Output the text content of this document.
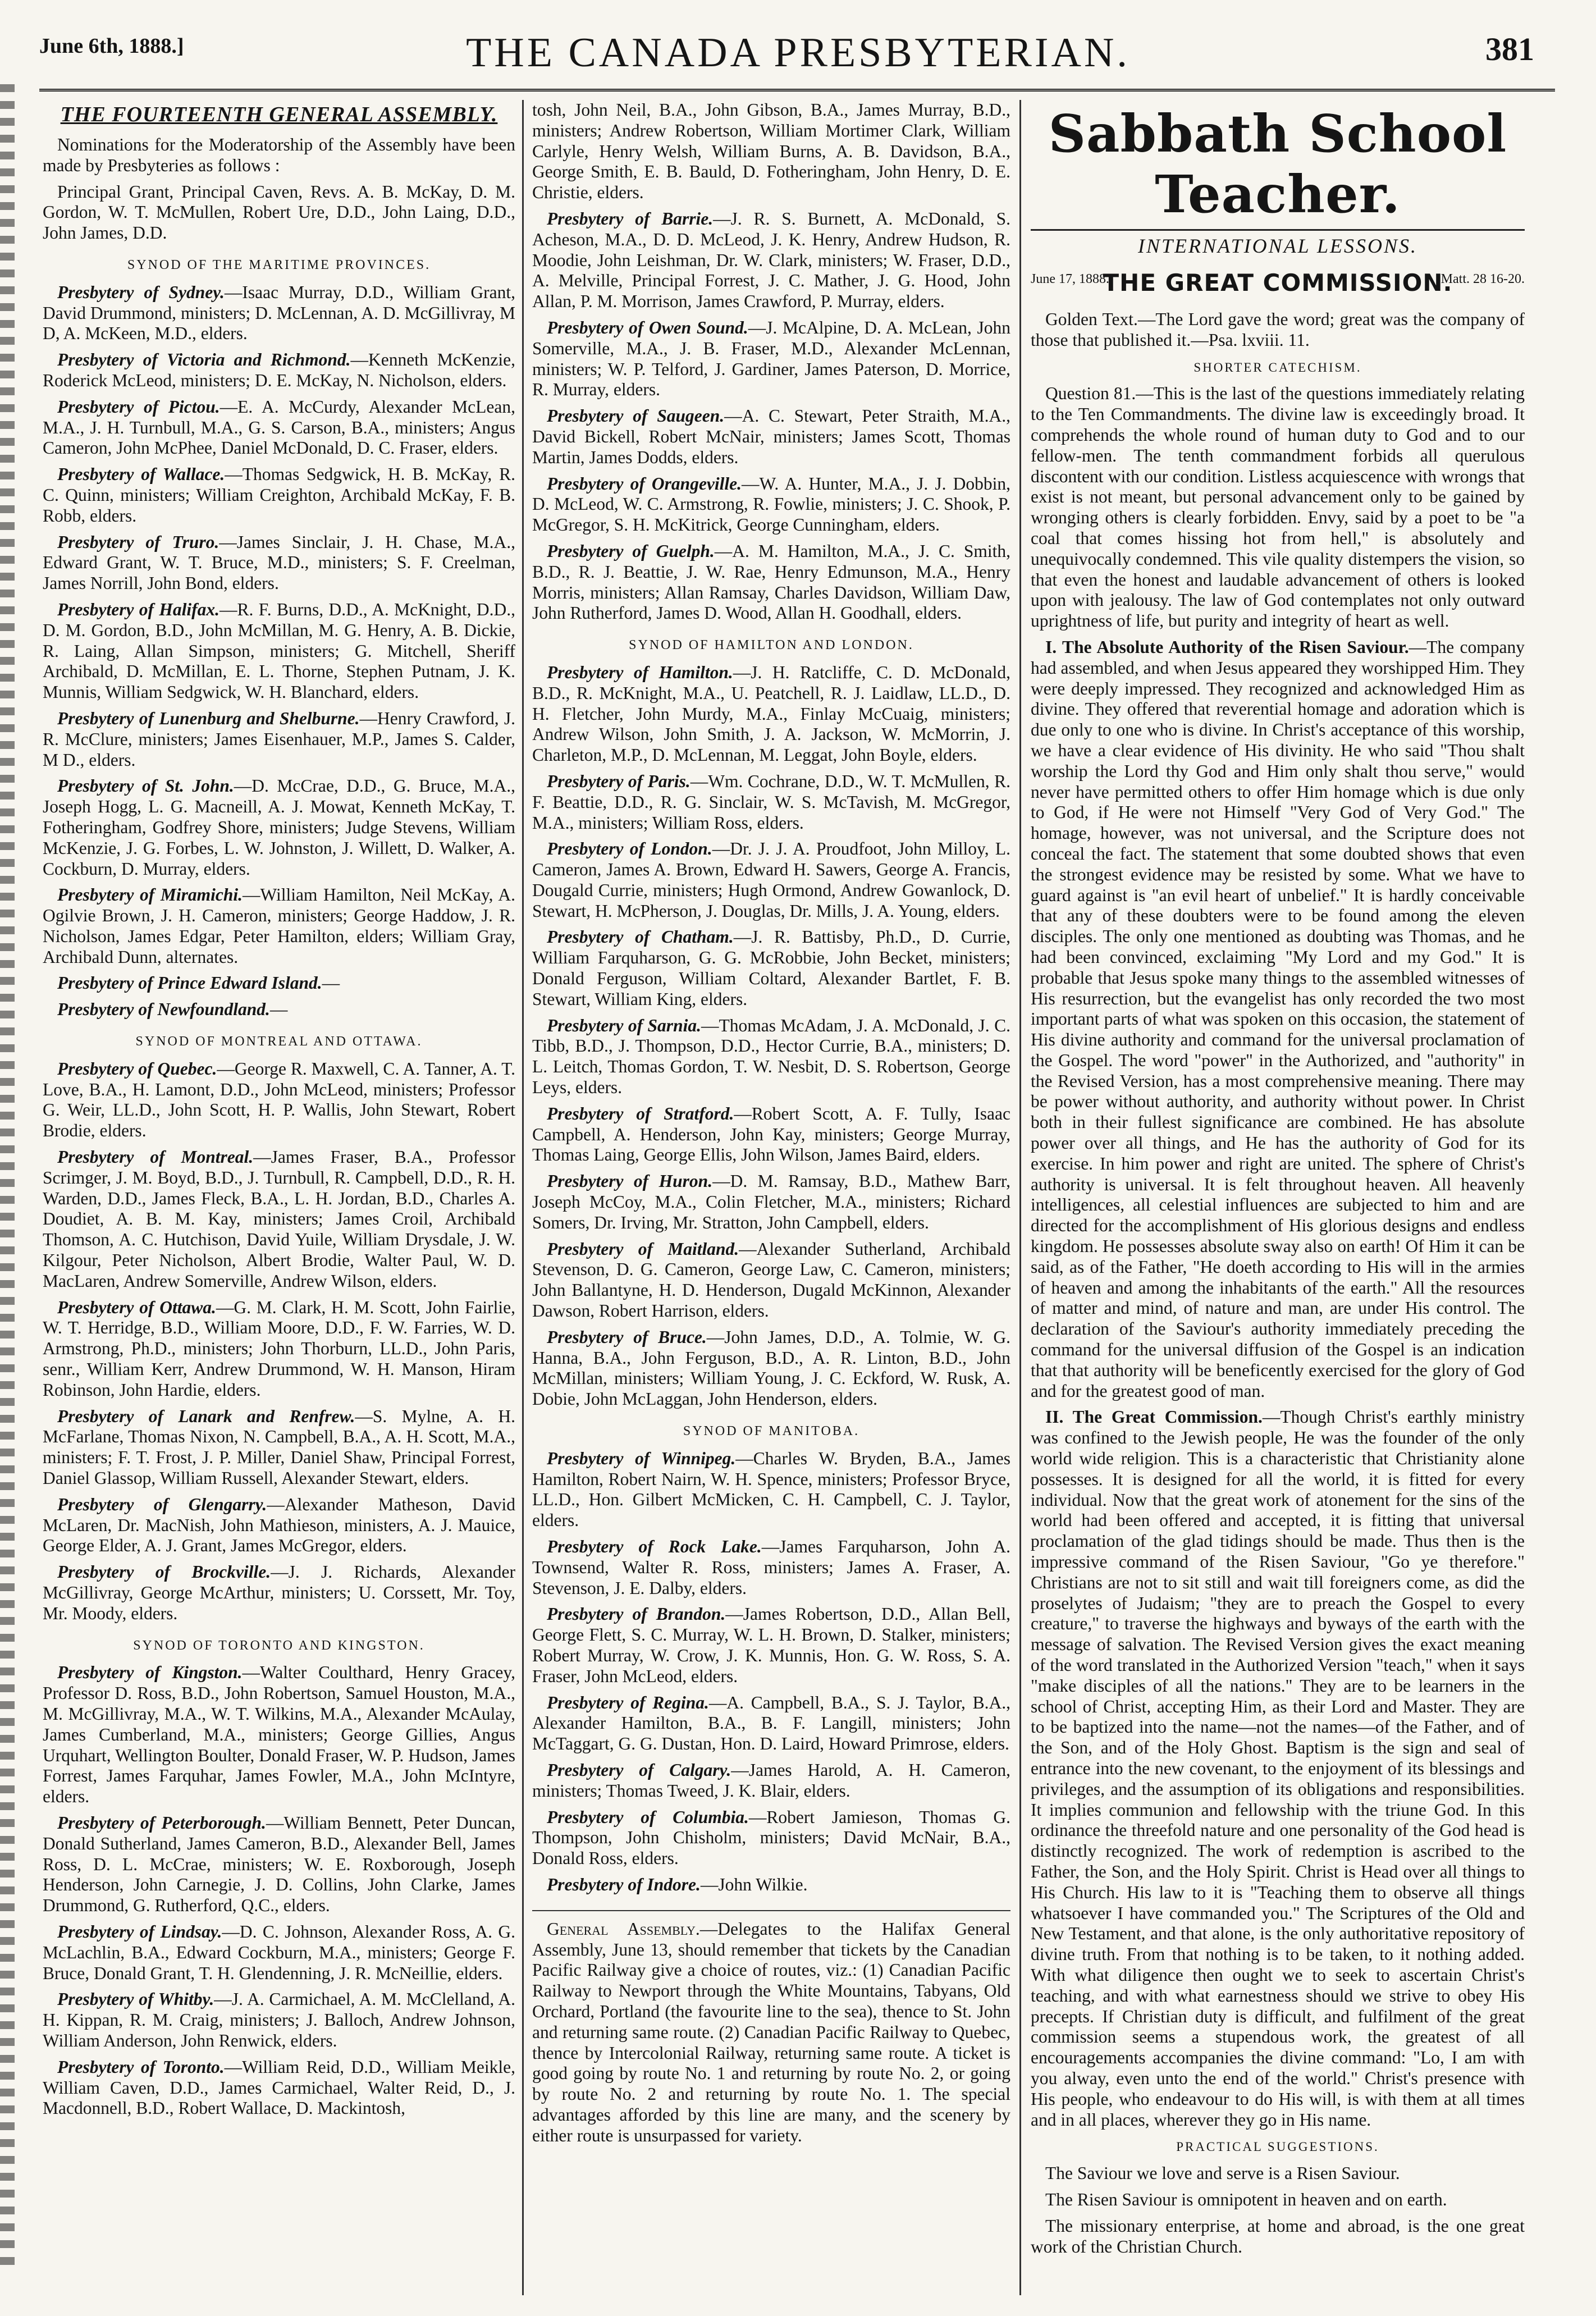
June 6th, 1888.]	THE CANADA PRESBYTERIAN.	381
THE FOURTEENTH GENERAL ASSEMBLY.

Nominations for the Moderatorship of the Assembly have been made by Presbyteries as follows :

Principal Grant, Principal Caven, Revs. A. B. McKay, D. M. Gordon, W. T. McMullen, Robert Ure, D.D., John Laing, D.D., John James, D.D.

SYNOD OF THE MARITIME PROVINCES.

Presbytery of Sydney.—Isaac Murray, D.D., William Grant, David Drummond, ministers; D. McLennan, A. D. McGillivray, M D, A. McKeen, M.D., elders.

Presbytery of Victoria and Richmond.—Kenneth McKenzie, Roderick McLeod, ministers; D. E. McKay, N. Nicholson, elders.

Presbytery of Pictou.—E. A. McCurdy, Alexander McLean, M.A., J. H. Turnbull, M.A., G. S. Carson, B.A., ministers; Angus Cameron, John McPhee, Daniel McDonald, D. C. Fraser, elders.

Presbytery of Wallace.—Thomas Sedgwick, H. B. McKay, R. C. Quinn, ministers; William Creighton, Archibald McKay, F. B. Robb, elders.

Presbytery of Truro.—James Sinclair, J. H. Chase, M.A., Edward Grant, W. T. Bruce, M.D., ministers; S. F. Creelman, James Norrill, John Bond, elders.

Presbytery of Halifax.—R. F. Burns, D.D., A. McKnight, D.D., D. M. Gordon, B.D., John McMillan, M. G. Henry, A. B. Dickie, R. Laing, Allan Simpson, ministers; G. Mitchell, Sheriff Archibald, D. McMillan, E. L. Thorne, Stephen Putnam, J. K. Munnis, William Sedgwick, W. H. Blanchard, elders.

Presbytery of Lunenburg and Shelburne.—Henry Crawford, J. R. McClure, ministers; James Eisenhauer, M.P., James S. Calder, M D., elders.

Presbytery of St. John.—D. McCrae, D.D., G. Bruce, M.A., Joseph Hogg, L. G. Macneill, A. J. Mowat, Kenneth McKay, T. Fotheringham, Godfrey Shore, ministers; Judge Stevens, William McKenzie, J. G. Forbes, L. W. Johnston, J. Willett, D. Walker, A. Cockburn, D. Murray, elders.

Presbytery of Miramichi.—William Hamilton, Neil McKay, A. Ogilvie Brown, J. H. Cameron, ministers; George Haddow, J. R. Nicholson, James Edgar, Peter Hamilton, elders; William Gray, Archibald Dunn, alternates.

Presbytery of Prince Edward Island.—

Presbytery of Newfoundland.—

SYNOD OF MONTREAL AND OTTAWA.

Presbytery of Quebec.—George R. Maxwell, C. A. Tanner, A. T. Love, B.A., H. Lamont, D.D., John McLeod, ministers; Professor G. Weir, LL.D., John Scott, H. P. Wallis, John Stewart, Robert Brodie, elders.

Presbytery of Montreal.—James Fraser, B.A., Professor Scrimger, J. M. Boyd, B.D., J. Turnbull, R. Campbell, D.D., R. H. Warden, D.D., James Fleck, B.A., L. H. Jordan, B.D., Charles A. Doudiet, A. B. M. Kay, ministers; James Croil, Archibald Thomson, A. C. Hutchison, David Yuile, William Drysdale, J. W. Kilgour, Peter Nicholson, Albert Brodie, Walter Paul, W. D. MacLaren, Andrew Somerville, Andrew Wilson, elders.

Presbytery of Ottawa.—G. M. Clark, H. M. Scott, John Fairlie, W. T. Herridge, B.D., William Moore, D.D., F. W. Farries, W. D. Armstrong, Ph.D., ministers; John Thorburn, LL.D., John Paris, senr., William Kerr, Andrew Drummond, W. H. Manson, Hiram Robinson, John Hardie, elders.

Presbytery of Lanark and Renfrew.—S. Mylne, A. H. McFarlane, Thomas Nixon, N. Campbell, B.A., A. H. Scott, M.A., ministers; F. T. Frost, J. P. Miller, Daniel Shaw, Principal Forrest, Daniel Glassop, William Russell, Alexander Stewart, elders.

Presbytery of Glengarry.—Alexander Matheson, David McLaren, Dr. MacNish, John Mathieson, ministers, A. J. Mauice, George Elder, A. J. Grant, James McGregor, elders.

Presbytery of Brockville.—J. J. Richards, Alexander McGillivray, George McArthur, ministers; U. Corssett, Mr. Toy, Mr. Moody, elders.

SYNOD OF TORONTO AND KINGSTON.

Presbytery of Kingston.—Walter Coulthard, Henry Gracey, Professor D. Ross, B.D., John Robertson, Samuel Houston, M.A., M. McGillivray, M.A., W. T. Wilkins, M.A., Alexander McAulay, James Cumberland, M.A., ministers; George Gillies, Angus Urquhart, Wellington Boulter, Donald Fraser, W. P. Hudson, James Forrest, James Farquhar, James Fowler, M.A., John McIntyre, elders.

Presbytery of Peterborough.—William Bennett, Peter Duncan, Donald Sutherland, James Cameron, B.D., Alexander Bell, James Ross, D. L. McCrae, ministers; W. E. Roxborough, Joseph Henderson, John Carnegie, J. D. Collins, John Clarke, James Drummond, G. Rutherford, Q.C., elders.

Presbytery of Lindsay.—D. C. Johnson, Alexander Ross, A. G. McLachlin, B.A., Edward Cockburn, M.A., ministers; George F. Bruce, Donald Grant, T. H. Glendenning, J. R. McNeillie, elders.

Presbytery of Whitby.—J. A. Carmichael, A. M. McClelland, A. H. Kippan, R. M. Craig, ministers; J. Balloch, Andrew Johnson, William Anderson, John Renwick, elders.

Presbytery of Toronto.—William Reid, D.D., William Meikle, William Caven, D.D., James Carmichael, Walter Reid, D., J. Macdonnell, B.D., Robert Wallace, D. Mackintosh,

tosh, John Neil, B.A., John Gibson, B.A., James Murray, B.D., ministers; Andrew Robertson, William Mortimer Clark, William Carlyle, Henry Welsh, William Burns, A. B. Davidson, B.A., George Smith, E. B. Bauld, D. Fotheringham, John Henry, D. E. Christie, elders.

Presbytery of Barrie.—J. R. S. Burnett, A. McDonald, S. Acheson, M.A., D. D. McLeod, J. K. Henry, Andrew Hudson, R. Moodie, John Leishman, Dr. W. Clark, ministers; W. Fraser, D.D., A. Melville, Principal Forrest, J. C. Mather, J. G. Hood, John Allan, P. M. Morrison, James Crawford, P. Murray, elders.

Presbytery of Owen Sound.—J. McAlpine, D. A. McLean, John Somerville, M.A., J. B. Fraser, M.D., Alexander McLennan, ministers; W. P. Telford, J. Gardiner, James Paterson, D. Morrice, R. Murray, elders.

Presbytery of Saugeen.—A. C. Stewart, Peter Straith, M.A., David Bickell, Robert McNair, ministers; James Scott, Thomas Martin, James Dodds, elders.

Presbytery of Orangeville.—W. A. Hunter, M.A., J. J. Dobbin, D. McLeod, W. C. Armstrong, R. Fowlie, ministers; J. C. Shook, P. McGregor, S. H. McKitrick, George Cunningham, elders.

Presbytery of Guelph.—A. M. Hamilton, M.A., J. C. Smith, B.D., R. J. Beattie, J. W. Rae, Henry Edmunson, M.A., Henry Morris, ministers; Allan Ramsay, Charles Davidson, William Daw, John Rutherford, James D. Wood, Allan H. Goodhall, elders.

SYNOD OF HAMILTON AND LONDON.

Presbytery of Hamilton.—J. H. Ratcliffe, C. D. McDonald, B.D., R. McKnight, M.A., U. Peatchell, R. J. Laidlaw, LL.D., D. H. Fletcher, John Murdy, M.A., Finlay McCuaig, ministers; Andrew Wilson, John Smith, J. A. Jackson, W. McMorrin, J. Charleton, M.P., D. McLennan, M. Leggat, John Boyle, elders.

Presbytery of Paris.—Wm. Cochrane, D.D., W. T. McMullen, R. F. Beattie, D.D., R. G. Sinclair, W. S. McTavish, M. McGregor, M.A., ministers; William Ross, elders.

Presbytery of London.—Dr. J. J. A. Proudfoot, John Milloy, L. Cameron, James A. Brown, Edward H. Sawers, George A. Francis, Dougald Currie, ministers; Hugh Ormond, Andrew Gowanlock, D. Stewart, H. McPherson, J. Douglas, Dr. Mills, J. A. Young, elders.

Presbytery of Chatham.—J. R. Battisby, Ph.D., D. Currie, William Farquharson, G. G. McRobbie, John Becket, ministers; Donald Ferguson, William Coltard, Alexander Bartlet, F. B. Stewart, William King, elders.

Presbytery of Sarnia.—Thomas McAdam, J. A. McDonald, J. C. Tibb, B.D., J. Thompson, D.D., Hector Currie, B.A., ministers; D. L. Leitch, Thomas Gordon, T. W. Nesbit, D. S. Robertson, George Leys, elders.

Presbytery of Stratford.—Robert Scott, A. F. Tully, Isaac Campbell, A. Henderson, John Kay, ministers; George Murray, Thomas Laing, George Ellis, John Wilson, James Baird, elders.

Presbytery of Huron.—D. M. Ramsay, B.D., Mathew Barr, Joseph McCoy, M.A., Colin Fletcher, M.A., ministers; Richard Somers, Dr. Irving, Mr. Stratton, John Campbell, elders.

Presbytery of Maitland.—Alexander Sutherland, Archibald Stevenson, D. G. Cameron, George Law, C. Cameron, ministers; John Ballantyne, H. D. Henderson, Dugald McKinnon, Alexander Dawson, Robert Harrison, elders.

Presbytery of Bruce.—John James, D.D., A. Tolmie, W. G. Hanna, B.A., John Ferguson, B.D., A. R. Linton, B.D., John McMillan, ministers; William Young, J. C. Eckford, W. Rusk, A. Dobie, John McLaggan, John Henderson, elders.

SYNOD OF MANITOBA.

Presbytery of Winnipeg.—Charles W. Bryden, B.A., James Hamilton, Robert Nairn, W. H. Spence, ministers; Professor Bryce, LL.D., Hon. Gilbert McMicken, C. H. Campbell, C. J. Taylor, elders.

Presbytery of Rock Lake.—James Farquharson, John A. Townsend, Walter R. Ross, ministers; James A. Fraser, A. Stevenson, J. E. Dalby, elders.

Presbytery of Brandon.—James Robertson, D.D., Allan Bell, George Flett, S. C. Murray, W. L. H. Brown, D. Stalker, ministers; Robert Murray, W. Crow, J. K. Munnis, Hon. G. W. Ross, S. A. Fraser, John McLeod, elders.

Presbytery of Regina.—A. Campbell, B.A., S. J. Taylor, B.A., Alexander Hamilton, B.A., B. F. Langill, ministers; John McTaggart, G. G. Dustan, Hon. D. Laird, Howard Primrose, elders.

Presbytery of Calgary.—James Harold, A. H. Cameron, ministers; Thomas Tweed, J. K. Blair, elders.

Presbytery of Columbia.—Robert Jamieson, Thomas G. Thompson, John Chisholm, ministers; David McNair, B.A., Donald Ross, elders.

Presbytery of Indore.—John Wilkie.

General Assembly.—Delegates to the Halifax General Assembly, June 13, should remember that tickets by the Canadian Pacific Railway give a choice of routes, viz.: (1) Canadian Pacific Railway to Newport through the White Mountains, Tabyans, Old Orchard, Portland (the favourite line to the sea), thence to St. John and returning same route. (2) Canadian Pacific Railway to Quebec, thence by Intercolonial Railway, returning same route. A ticket is good going by route No. 1 and returning by route No. 2, or going by route No. 2 and returning by route No. 1. The special advantages afforded by this line are many, and the scenery by either route is unsurpassed for variety.

Sabbath School Teacher.
INTERNATIONAL LESSONS.
June 17, 1888.
THE GREAT COMMISSION.
Matt. 28 16-20.

Golden Text.—The Lord gave the word; great was the company of those that published it.—Psa. lxviii. 11.

SHORTER CATECHISM.

Question 81.—This is the last of the questions immediately relating to the Ten Commandments. The divine law is exceedingly broad. It comprehends the whole round of human duty to God and to our fellow-men. The tenth commandment forbids all querulous discontent with our condition. Listless acquiescence with wrongs that exist is not meant, but personal advancement only to be gained by wronging others is clearly forbidden. Envy, said by a poet to be "a coal that comes hissing hot from hell," is absolutely and unequivocally condemned. This vile quality distempers the vision, so that even the honest and laudable advancement of others is looked upon with jealousy. The law of God contemplates not only outward uprightness of life, but purity and integrity of heart as well.

I. The Absolute Authority of the Risen Saviour.—The company had assembled, and when Jesus appeared they worshipped Him. They were deeply impressed. They recognized and acknowledged Him as divine. They offered that reverential homage and adoration which is due only to one who is divine. In Christ's acceptance of this worship, we have a clear evidence of His divinity. He who said "Thou shalt worship the Lord thy God and Him only shalt thou serve," would never have permitted others to offer Him homage which is due only to God, if He were not Himself "Very God of Very God." The homage, however, was not universal, and the Scripture does not conceal the fact. The statement that some doubted shows that even the strongest evidence may be resisted by some. What we have to guard against is "an evil heart of unbelief." It is hardly conceivable that any of these doubters were to be found among the eleven disciples. The only one mentioned as doubting was Thomas, and he had been convinced, exclaiming "My Lord and my God." It is probable that Jesus spoke many things to the assembled witnesses of His resurrection, but the evangelist has only recorded the two most important parts of what was spoken on this occasion, the statement of His divine authority and command for the universal proclamation of the Gospel. The word "power" in the Authorized, and "authority" in the Revised Version, has a most comprehensive meaning. There may be power without authority, and authority without power. In Christ both in their fullest significance are combined. He has absolute power over all things, and He has the authority of God for its exercise. In him power and right are united. The sphere of Christ's authority is universal. It is felt throughout heaven. All heavenly intelligences, all celestial influences are subjected to him and are directed for the accomplishment of His glorious designs and endless kingdom. He possesses absolute sway also on earth! Of Him it can be said, as of the Father, "He doeth according to His will in the armies of heaven and among the inhabitants of the earth." All the resources of matter and mind, of nature and man, are under His control. The declaration of the Saviour's authority immediately preceding the command for the universal diffusion of the Gospel is an indication that that authority will be beneficently exercised for the glory of God and for the greatest good of man.

II. The Great Commission.—Though Christ's earthly ministry was confined to the Jewish people, He was the founder of the only world wide religion. This is a characteristic that Christianity alone possesses. It is designed for all the world, it is fitted for every individual. Now that the great work of atonement for the sins of the world had been offered and accepted, it is fitting that universal proclamation of the glad tidings should be made. Thus then is the impressive command of the Risen Saviour, "Go ye therefore." Christians are not to sit still and wait till foreigners come, as did the proselytes of Judaism; "they are to preach the Gospel to every creature," to traverse the highways and byways of the earth with the message of salvation. The Revised Version gives the exact meaning of the word translated in the Authorized Version "teach," when it says "make disciples of all the nations." They are to be learners in the school of Christ, accepting Him, as their Lord and Master. They are to be baptized into the name—not the names—of the Father, and of the Son, and of the Holy Ghost. Baptism is the sign and seal of entrance into the new covenant, to the enjoyment of its blessings and privileges, and the assumption of its obligations and responsibilities. It implies communion and fellowship with the triune God. In this ordinance the threefold nature and one personality of the God head is distinctly recognized. The work of redemption is ascribed to the Father, the Son, and the Holy Spirit. Christ is Head over all things to His Church. His law to it is "Teaching them to observe all things whatsoever I have commanded you." The Scriptures of the Old and New Testament, and that alone, is the only authoritative repository of divine truth. From that nothing is to be taken, to it nothing added. With what diligence then ought we to seek to ascertain Christ's teaching, and with what earnestness should we strive to obey His precepts. If Christian duty is difficult, and fulfilment of the great commission seems a stupendous work, the greatest of all encouragements accompanies the divine command: "Lo, I am with you alway, even unto the end of the world." Christ's presence with His people, who endeavour to do His will, is with them at all times and in all places, wherever they go in His name.

PRACTICAL SUGGESTIONS.

The Saviour we love and serve is a Risen Saviour.

The Risen Saviour is omnipotent in heaven and on earth.

The missionary enterprise, at home and abroad, is the one great work of the Christian Church.
